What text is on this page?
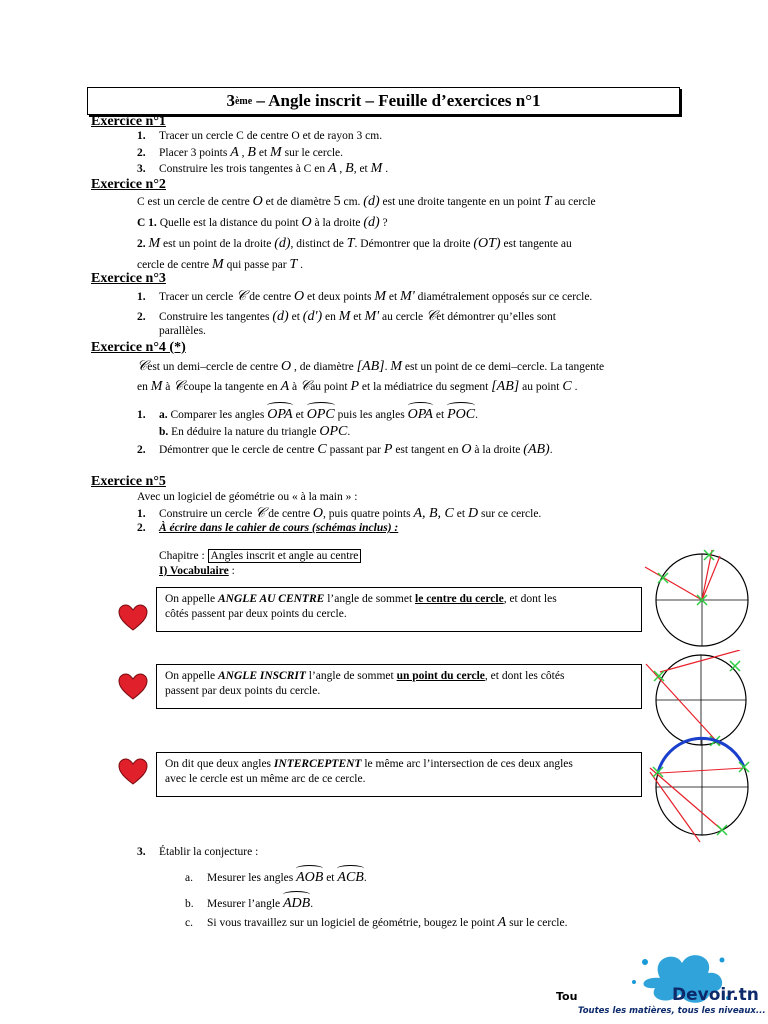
3 ème
– Angle inscrit – Feuille d’exercices n°1
Exercice n°1
1. Tracer un cercle C de centre O et de rayon 3 cm.
2. Placer 3 points A , B et M sur le cercle.
3. Construire les trois tangentes à C en A , B, et M .
Exercice n°2
C est un cercle de centre O et de diamètre 5 cm. (d) est une droite tangente en un point T au cercle
C 1. Quelle est la distance du point O à la droite (d) ?
2. M est un point de la droite (d), distinct de T. Démontrer que la droite (OT) est tangente au
cercle de centre M qui passe par T .
Exercice n°3
1. Tracer un cercle 𝒞 de centre O et deux points M et M' diamétralement opposés sur ce cercle.
2. Construire les tangentes (d) et (d') en M et M' au cercle 𝒞et démontrer qu’elles sont
parallèles.
Exercice n°4 (*)
𝒞est un demi–cercle de centre O , de diamètre [AB]. M est un point de ce demi–cercle. La tangente
en M à 𝒞coupe la tangente en A à 𝒞au point P et la médiatrice du segment [AB] au point C .
1. a. Comparer les angles OPA et OPC puis les angles OPA et POC.
b. En déduire la nature du triangle OPC.
2. Démontrer que le cercle de centre C passant par P est tangent en O à la droite (AB).
Exercice n°5
Avec un logiciel de géométrie ou « à la main » :
1. Construire un cercle 𝒞 de centre O, puis quatre points A, B, C et D sur ce cercle.
2. À écrire dans le cahier de cours (schémas inclus) :
Chapitre : Angles inscrit et angle au centre
I) Vocabulaire :
On appelle ANGLE AU CENTRE l’angle de sommet le centre du cercle, et dont les
côtés passent par deux points du cercle.
On appelle ANGLE INSCRIT l’angle de sommet un point du cercle, et dont les côtés
passent par deux points du cercle.
On dit que deux angles INTERCEPTENT le même arc l’intersection de ces deux angles
avec le cercle est un même arc de ce cercle.
3. Établir la conjecture :
a. Mesurer les angles AOB et ACB.
b. Mesurer l’angle ADB.
c. Si vous travaillez sur un logiciel de géométrie, bougez le point A sur le cercle.
Tou	Devoir.tn
Toutes les matières, tous les niveaux...
